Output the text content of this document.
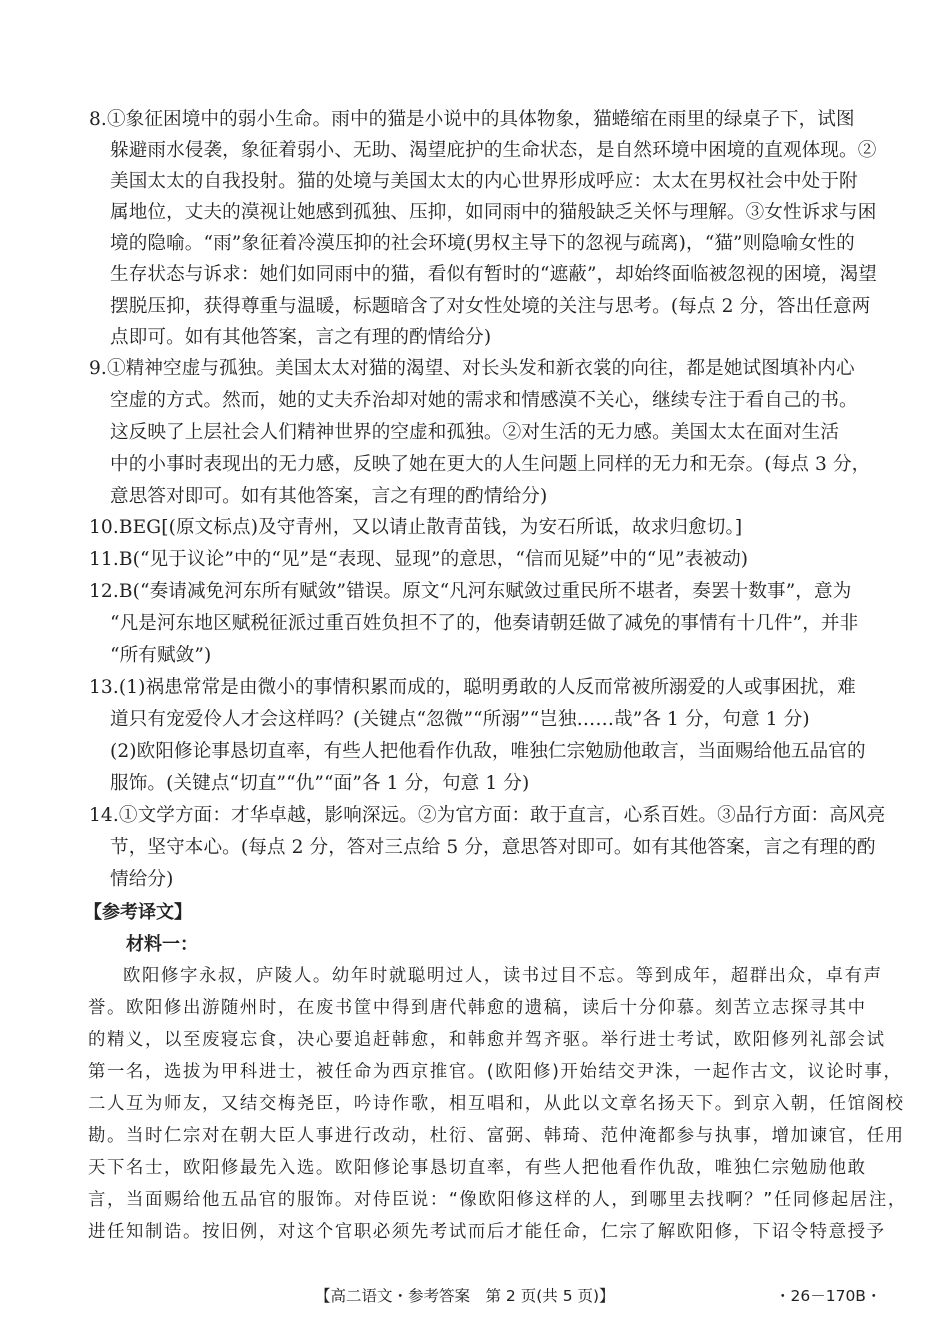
8.①象征困境中的弱小生命。雨中的猫是小说中的具体物象，猫蜷缩在雨里的绿桌子下，试图
躲避雨水侵袭，象征着弱小、无助、渴望庇护的生命状态，是自然环境中困境的直观体现。②
美国太太的自我投射。猫的处境与美国太太的内心世界形成呼应：太太在男权社会中处于附
属地位，丈夫的漠视让她感到孤独、压抑，如同雨中的猫般缺乏关怀与理解。③女性诉求与困
境的隐喻。“雨”象征着冷漠压抑的社会环境(男权主导下的忽视与疏离)，“猫”则隐喻女性的
生存状态与诉求：她们如同雨中的猫，看似有暂时的“遮蔽”，却始终面临被忽视的困境，渴望
摆脱压抑，获得尊重与温暖，标题暗含了对女性处境的关注与思考。(每点 2 分，答出任意两
点即可。如有其他答案，言之有理的酌情给分)
9.①精神空虚与孤独。美国太太对猫的渴望、对长头发和新衣裳的向往，都是她试图填补内心
空虚的方式。然而，她的丈夫乔治却对她的需求和情感漠不关心，继续专注于看自己的书。
这反映了上层社会人们精神世界的空虚和孤独。②对生活的无力感。美国太太在面对生活
中的小事时表现出的无力感，反映了她在更大的人生问题上同样的无力和无奈。(每点 3 分，
意思答对即可。如有其他答案，言之有理的酌情给分)
10.BEG[(原文标点)及守青州，又以请止散青苗钱，为安石所诋，故求归愈切。]
11.B(“见于议论”中的“见”是“表现、显现”的意思，“信而见疑”中的“见”表被动)
12.B(“奏请减免河东所有赋敛”错误。原文“凡河东赋敛过重民所不堪者，奏罢十数事”，意为
“凡是河东地区赋税征派过重百姓负担不了的，他奏请朝廷做了减免的事情有十几件”，并非
“所有赋敛”)
13.(1)祸患常常是由微小的事情积累而成的，聪明勇敢的人反而常被所溺爱的人或事困扰，难
道只有宠爱伶人才会这样吗？(关键点“忽微”“所溺”“岂独……哉”各 1 分，句意 1 分)
(2)欧阳修论事恳切直率，有些人把他看作仇敌，唯独仁宗勉励他敢言，当面赐给他五品官的
服饰。(关键点“切直”“仇”“面”各 1 分，句意 1 分)
14.①文学方面：才华卓越，影响深远。②为官方面：敢于直言，心系百姓。③品行方面：高风亮
节，坚守本心。(每点 2 分，答对三点给 5 分，意思答对即可。如有其他答案，言之有理的酌
情给分)
【参考译文】
材料一：
欧阳修字永叔，庐陵人。幼年时就聪明过人，读书过目不忘。等到成年，超群出众，卓有声
誉。欧阳修出游随州时，在废书筐中得到唐代韩愈的遗稿，读后十分仰慕。刻苦立志探寻其中
的精义，以至废寝忘食，决心要追赶韩愈，和韩愈并驾齐驱。举行进士考试，欧阳修列礼部会试
第一名，选拔为甲科进士，被任命为西京推官。(欧阳修)开始结交尹洙，一起作古文，议论时事，
二人互为师友，又结交梅尧臣，吟诗作歌，相互唱和，从此以文章名扬天下。到京入朝，任馆阁校
勘。当时仁宗对在朝大臣人事进行改动，杜衍、富弼、韩琦、范仲淹都参与执事，增加谏官，任用
天下名士，欧阳修最先入选。欧阳修论事恳切直率，有些人把他看作仇敌，唯独仁宗勉励他敢
言，当面赐给他五品官的服饰。对侍臣说：“像欧阳修这样的人，到哪里去找啊？”任同修起居注，
进任知制诰。按旧例，对这个官职必须先考试而后才能任命，仁宗了解欧阳修，下诏令特意授予
【高二语文・参考答案　第 2 页(共 5 页)】	・26－170B・
